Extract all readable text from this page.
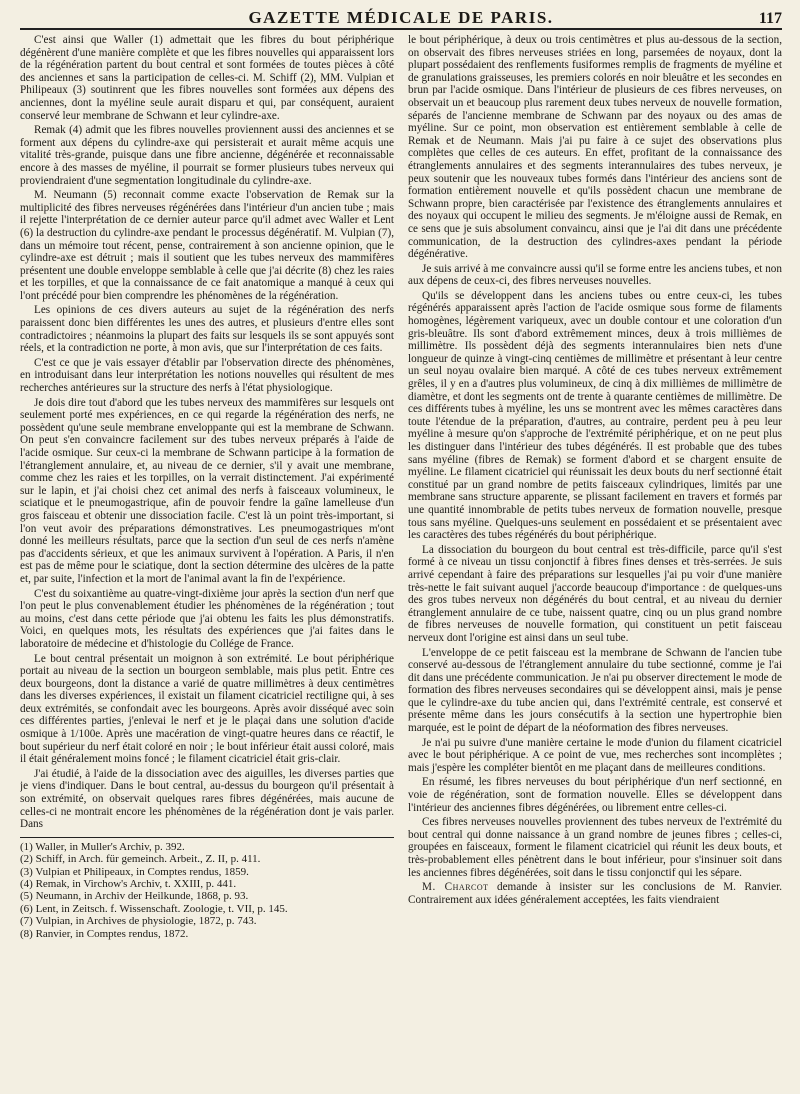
GAZETTE MÉDICALE DE PARIS.	117

C'est ainsi que Waller (1) admettait que les fibres du bout périphérique dégénèrent d'une manière complète et que les fibres nouvelles qui apparaissent lors de la régénération partent du bout central et sont formées de toutes pièces à côté des anciennes et sans la participation de celles-ci. M. Schiff (2), MM. Vulpian et Philipeaux (3) soutinrent que les fibres nouvelles sont formées aux dépens des anciennes, dont la myéline seule aurait disparu et qui, par conséquent, auraient conservé leur membrane de Schwann et leur cylindre-axe.

Remak (4) admit que les fibres nouvelles proviennent aussi des anciennes et se forment aux dépens du cylindre-axe qui persisterait et aurait même acquis une vitalité très-grande, puisque dans une fibre ancienne, dégénérée et reconnaissable encore à des masses de myéline, il pourrait se former plusieurs tubes nerveux qui proviendraient d'une segmentation longitudinale du cylindre-axe.

M. Neumann (5) reconnait comme exacte l'observation de Remak sur la multiplicité des fibres nerveuses régénérées dans l'intérieur d'un ancien tube ; mais il rejette l'interprétation de ce dernier auteur parce qu'il admet avec Waller et Lent (6) la destruction du cylindre-axe pendant le processus dégénératif. M. Vulpian (7), dans un mémoire tout récent, pense, contrairement à son ancienne opinion, que le cylindre-axe est détruit ; mais il soutient que les tubes nerveux des mammifères présentent une double enveloppe semblable à celle que j'ai décrite (8) chez les raies et les torpilles, et que la connaissance de ce fait anatomique a manqué à ceux qui l'ont précédé pour bien comprendre les phénomènes de la régénération.

Les opinions de ces divers auteurs au sujet de la régénération des nerfs paraissent donc bien différentes les unes des autres, et plusieurs d'entre elles sont contradictoires ; néanmoins la plupart des faits sur lesquels ils se sont appuyés sont réels, et la contradiction ne porte, à mon avis, que sur l'interprétation de ces faits.

C'est ce que je vais essayer d'établir par l'observation directe des phénomènes, en introduisant dans leur interprétation les notions nouvelles qui résultent de mes recherches antérieures sur la structure des nerfs à l'état physiologique.

Je dois dire tout d'abord que les tubes nerveux des mammifères sur lesquels ont seulement porté mes expériences, en ce qui regarde la régénération des nerfs, ne possèdent qu'une seule membrane enveloppante qui est la membrane de Schwann. On peut s'en convaincre facilement sur des tubes nerveux préparés à l'aide de l'acide osmique. Sur ceux-ci la membrane de Schwann participe à la formation de l'étranglement annulaire, et, au niveau de ce dernier, s'il y avait une membrane, comme chez les raies et les torpilles, on la verrait distinctement. J'ai expérimenté sur le lapin, et j'ai choisi chez cet animal des nerfs à faisceaux volumineux, le sciatique et le pneumogastrique, afin de pouvoir fendre la gaîne lamelleuse d'un gros faisceau et obtenir une dissociation facile. C'est là un point très-important, si l'on veut avoir des préparations démonstratives. Les pneumogastriques m'ont donné les meilleurs résultats, parce que la section d'un seul de ces nerfs n'amène pas d'accidents sérieux, et que les animaux survivent à l'opération. A Paris, il n'en est pas de même pour le sciatique, dont la section détermine des ulcères de la patte et, par suite, l'infection et la mort de l'animal avant la fin de l'expérience.

C'est du soixantième au quatre-vingt-dixième jour après la section d'un nerf que l'on peut le plus convenablement étudier les phénomènes de la régénération ; tout au moins, c'est dans cette période que j'ai obtenu les faits les plus démonstratifs. Voici, en quelques mots, les résultats des expériences que j'ai faites dans le laboratoire de médecine et d'histologie du Collége de France.

Le bout central présentait un moignon à son extrémité. Le bout périphérique portait au niveau de la section un bourgeon semblable, mais plus petit. Entre ces deux bourgeons, dont la distance a varié de quatre millimètres à deux centimètres dans les diverses expériences, il existait un filament cicatriciel rectiligne qui, à ses deux extrémités, se confondait avec les bourgeons. Après avoir disséqué avec soin ces différentes parties, j'enlevai le nerf et je le plaçai dans une solution d'acide osmique à 1/100e. Après une macération de vingt-quatre heures dans ce réactif, le bout supérieur du nerf était coloré en noir ; le bout inférieur était aussi coloré, mais il était généralement moins foncé ; le filament cicatriciel était gris-clair.

J'ai étudié, à l'aide de la dissociation avec des aiguilles, les diverses parties que je viens d'indiquer. Dans le bout central, au-dessus du bourgeon qu'il présentait à son extrémité, on observait quelques rares fibres dégénérées, mais aucune de celles-ci ne montrait encore les phénomènes de la régénération dont je vais parler. Dans

(1) Waller, in Muller's Archiv, p. 392.
(2) Schiff, in Arch. für gemeinch. Arbeit., Z. II, p. 411.
(3) Vulpian et Philipeaux, in Comptes rendus, 1859.
(4) Remak, in Virchow's Archiv, t. XXIII, p. 441.
(5) Neumann, in Archiv der Heilkunde, 1868, p. 93.
(6) Lent, in Zeitsch. f. Wissenschaft. Zoologie, t. VII, p. 145.
(7) Vulpian, in Archives de physiologie, 1872, p. 743.
(8) Ranvier, in Comptes rendus, 1872.

le bout périphérique, à deux ou trois centimètres et plus au-dessous de la section, on observait des fibres nerveuses striées en long, parsemées de noyaux, dont la plupart possédaient des renflements fusiformes remplis de fragments de myéline et de granulations graisseuses, les premiers colorés en noir bleuâtre et les secondes en brun par l'acide osmique. Dans l'intérieur de plusieurs de ces fibres nerveuses, on observait un et beaucoup plus rarement deux tubes nerveux de nouvelle formation, séparés de l'ancienne membrane de Schwann par des noyaux ou des amas de myéline. Sur ce point, mon observation est entièrement semblable à celle de Remak et de Neumann. Mais j'ai pu faire à ce sujet des observations plus complètes que celles de ces auteurs. En effet, profitant de la connaissance des étranglements annulaires et des segments interannulaires des tubes nerveux, je peux soutenir que les nouveaux tubes formés dans l'intérieur des anciens sont de formation entièrement nouvelle et qu'ils possèdent chacun une membrane de Schwann propre, bien caractérisée par l'existence des étranglements annulaires et des noyaux qui occupent le milieu des segments. Je m'éloigne aussi de Remak, en ce sens que je suis absolument convaincu, ainsi que je l'ai dit dans une précédente communication, de la destruction des cylindres-axes pendant la période dégénérative.

Je suis arrivé à me convaincre aussi qu'il se forme entre les anciens tubes, et non aux dépens de ceux-ci, des fibres nerveuses nouvelles.

Qu'ils se développent dans les anciens tubes ou entre ceux-ci, les tubes régénérés apparaissent après l'action de l'acide osmique sous forme de filaments homogènes, légèrement variqueux, avec un double contour et une coloration d'un gris-bleuâtre. Ils sont d'abord extrêmement minces, deux à trois millièmes de millimètre. Ils possèdent déjà des segments interannulaires bien nets d'une longueur de quinze à vingt-cinq centièmes de millimètre et présentant à leur centre un seul noyau ovalaire bien marqué. A côté de ces tubes nerveux extrêmement grêles, il y en a d'autres plus volumineux, de cinq à dix millièmes de millimètre de diamètre, et dont les segments ont de trente à quarante centièmes de millimètre. De ces différents tubes à myéline, les uns se montrent avec les mêmes caractères dans toute l'étendue de la préparation, d'autres, au contraire, perdent peu à peu leur myéline à mesure qu'on s'approche de l'extrémité périphérique, et on ne peut plus les distinguer dans l'intérieur des tubes dégénérés. Il est probable que des tubes sans myéline (fibres de Remak) se forment d'abord et se chargent ensuite de myéline. Le filament cicatriciel qui réunissait les deux bouts du nerf sectionné était constitué par un grand nombre de petits faisceaux cylindriques, limités par une membrane sans structure apparente, se plissant facilement en travers et formés par une quantité innombrable de petits tubes nerveux de formation nouvelle, presque tous sans myéline. Quelques-uns seulement en possédaient et se présentaient avec les caractères des tubes régénérés du bout périphérique.

La dissociation du bourgeon du bout central est très-difficile, parce qu'il s'est formé à ce niveau un tissu conjonctif à fibres fines denses et très-serrées. Je suis arrivé cependant à faire des préparations sur lesquelles j'ai pu voir d'une manière très-nette le fait suivant auquel j'accorde beaucoup d'importance : de quelques-uns des gros tubes nerveux non dégénérés du bout central, et au niveau du dernier étranglement annulaire de ce tube, naissent quatre, cinq ou un plus grand nombre de fibres nerveuses de nouvelle formation, qui constituent un petit faisceau nerveux dont l'origine est ainsi dans un seul tube.

L'enveloppe de ce petit faisceau est la membrane de Schwann de l'ancien tube conservé au-dessous de l'étranglement annulaire du tube sectionné, comme je l'ai dit dans une précédente communication. Je n'ai pu observer directement le mode de formation des fibres nerveuses secondaires qui se développent ainsi, mais je pense que le cylindre-axe du tube ancien qui, dans l'extrémité centrale, est conservé et présente même dans les jours consécutifs à la section une hypertrophie bien marquée, est le point de départ de la néoformation des fibres nerveuses.

Je n'ai pu suivre d'une manière certaine le mode d'union du filament cicatriciel avec le bout périphérique. A ce point de vue, mes recherches sont incomplètes ; mais j'espère les compléter bientôt en me plaçant dans de meilleures conditions.

En résumé, les fibres nerveuses du bout périphérique d'un nerf sectionné, en voie de régénération, sont de formation nouvelle. Elles se développent dans l'intérieur des anciennes fibres dégénérées, ou librement entre celles-ci.

Ces fibres nerveuses nouvelles proviennent des tubes nerveux de l'extrémité du bout central qui donne naissance à un grand nombre de jeunes fibres ; celles-ci, groupées en faisceaux, forment le filament cicatriciel qui réunit les deux bouts, et très-probablement elles pénètrent dans le bout inférieur, pour s'insinuer soit dans les anciennes fibres dégénérées, soit dans le tissu conjonctif qui les sépare.

M. Charcot demande à insister sur les conclusions de M. Ranvier. Contrairement aux idées généralement acceptées, les faits viendraient
